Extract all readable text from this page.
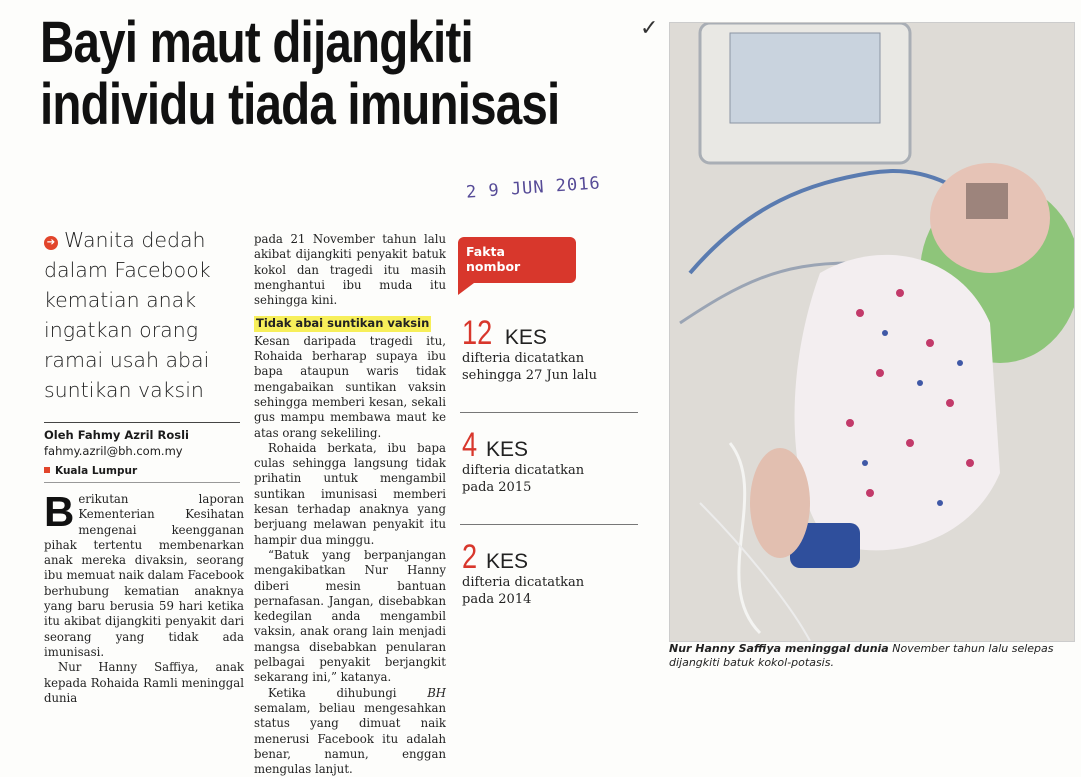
Bayi maut dijangkiti
individu tiada imunisasi
✓
2 9 JUN 2016

➔ Wanita dedah dalam Facebook kematian anak ingatkan orang ramai usah abai suntikan vaksin

Oleh Fahmy Azril Rosli
fahmy.azril@bh.com.my
Kuala Lumpur

Berikutan laporan Kementerian Kesihatan mengenai keengganan pihak tertentu membenarkan anak mereka divaksin, seorang ibu memuat naik dalam Facebook berhubung kematian anaknya yang baru berusia 59 hari ketika itu akibat dijangkiti penyakit dari seorang yang tidak ada imunisasi.

Nur Hanny Saffiya, anak kepada Rohaida Ramli meninggal dunia

pada 21 November tahun lalu akibat dijangkiti penyakit batuk kokol dan tragedi itu masih menghantui ibu muda itu sehingga kini.

Tidak abai suntikan vaksin

Kesan daripada tragedi itu, Rohaida berharap supaya ibu bapa ataupun waris tidak mengabaikan suntikan vaksin sehingga memberi kesan, sekali gus mampu membawa maut ke atas orang sekeliling.

Rohaida berkata, ibu bapa culas sehingga langsung tidak prihatin untuk mengambil suntikan imunisasi memberi kesan terhadap anaknya yang berjuang melawan penyakit itu hampir dua minggu.

“Batuk yang berpanjangan mengakibatkan Nur Hanny diberi mesin bantuan pernafasan. Jangan, disebabkan kedegilan anda mengambil vaksin, anak orang lain menjadi mangsa disebabkan penularan pelbagai penyakit berjangkit sekarang ini,” katanya.

Ketika dihubungi BH semalam, beliau mengesahkan status yang dimuat naik menerusi Facebook itu adalah benar, namun, enggan mengulas lanjut.

Fakta
nombor
12 KES
difteria dicatatkan
sehingga 27 Jun lalu
4 KES
difteria dicatatkan
pada 2015
2 KES
difteria dicatatkan
pada 2014

Nur Hanny Saffiya meninggal dunia November tahun lalu selepas dijangkiti batuk kokol-potasis.
